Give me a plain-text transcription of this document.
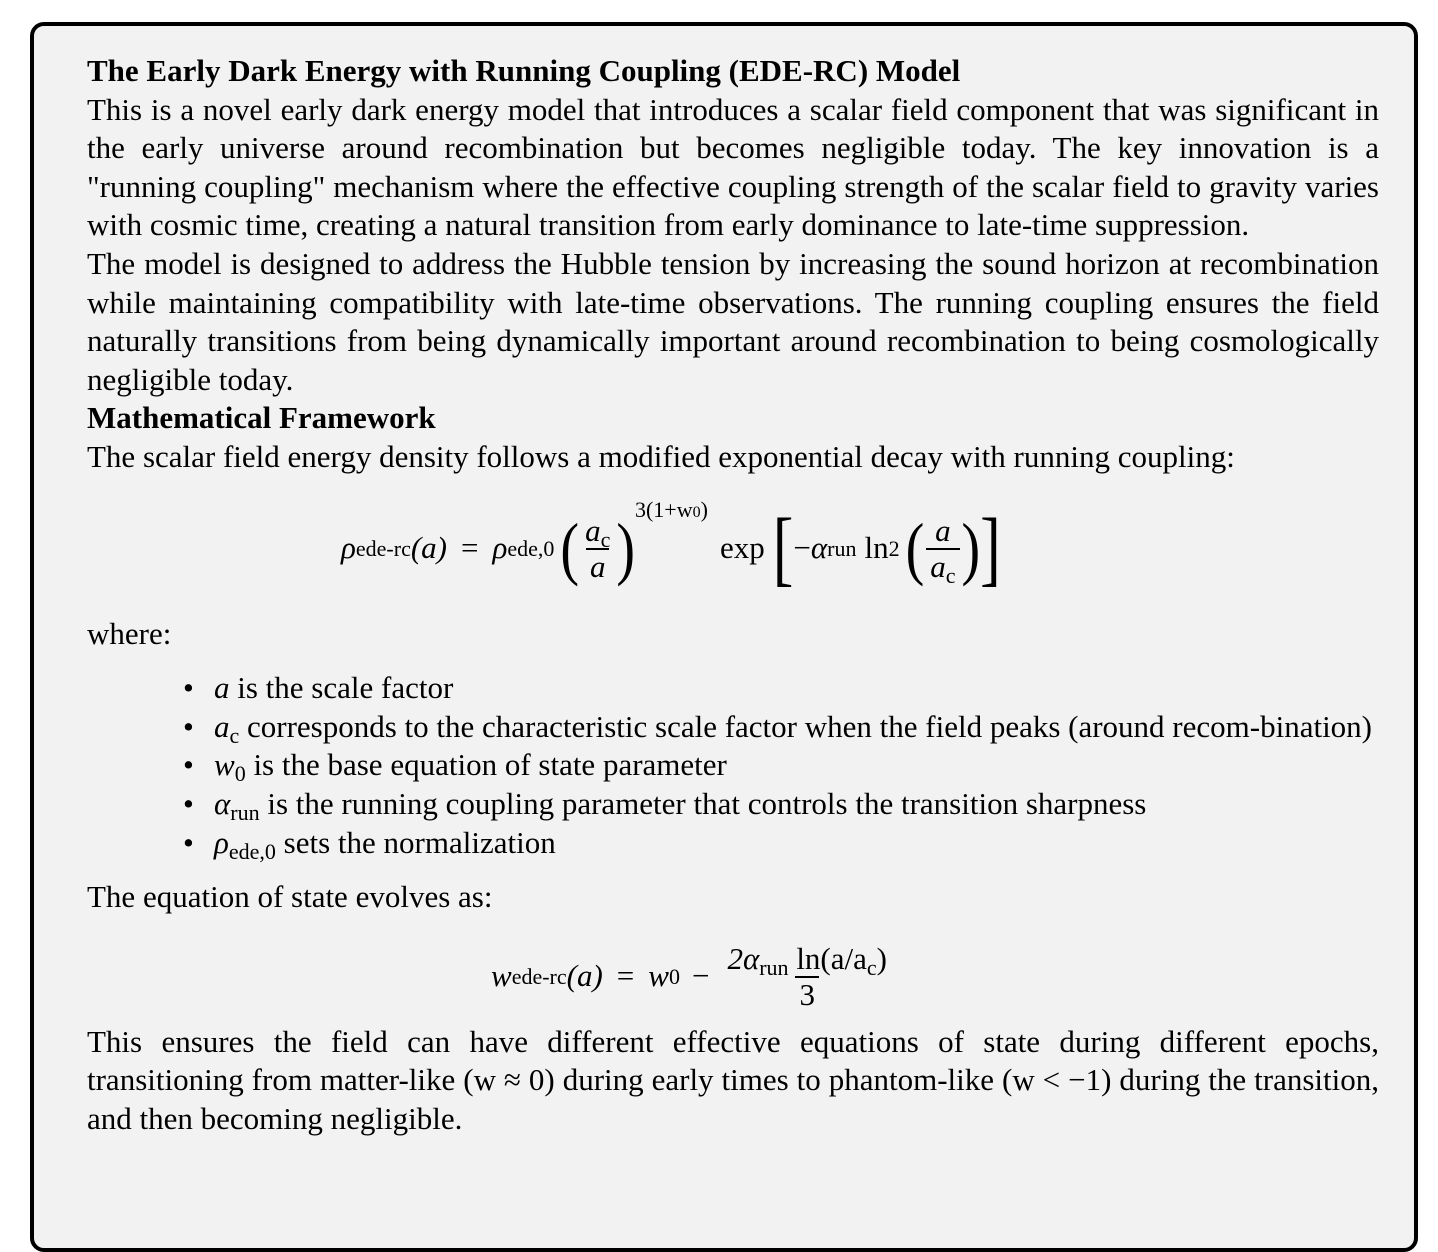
The Early Dark Energy with Running Coupling (EDE-RC) Model

This is a novel early dark energy model that introduces a scalar field component that was significant in the early universe around recombination but becomes negligible today. The key innovation is a "running coupling" mechanism where the effective coupling strength of the scalar field to gravity varies with cosmic time, creating a natural transition from early dominance to late-time suppression.

The model is designed to address the Hubble tension by increasing the sound horizon at recombination while maintaining compatibility with late-time observations. The running coupling ensures the field naturally transitions from being dynamically important around recombination to being cosmologically negligible today.

Mathematical Framework

The scalar field energy density follows a modified exponential decay with running coupling:

ρ ede-rc (a) = ρ ede,0 ( $\frac{a_c}{a}$ )
3(1+w0)
exp [ − α run ln 2 ( $\frac{a}{a_c}$ ) ]

where:

• a is the scale factor
• $a_c$ corresponds to the characteristic scale factor when the field peaks (around recom-bination)
• $w_0$ is the base equation of state parameter
• $\alpha_{run}$ is the running coupling parameter that controls the transition sharpness
• $\rho_{ede,0}$ sets the normalization

The equation of state evolves as:

w ede-rc (a) = w $0 - \frac{2\alpha_{run} \ln(a/a_c)}{3}$

This ensures the field can have different effective equations of state during different epochs, transitioning from matter-like (w ≈ 0) during early times to phantom-like (w < −1) during the transition, and then becoming negligible.
